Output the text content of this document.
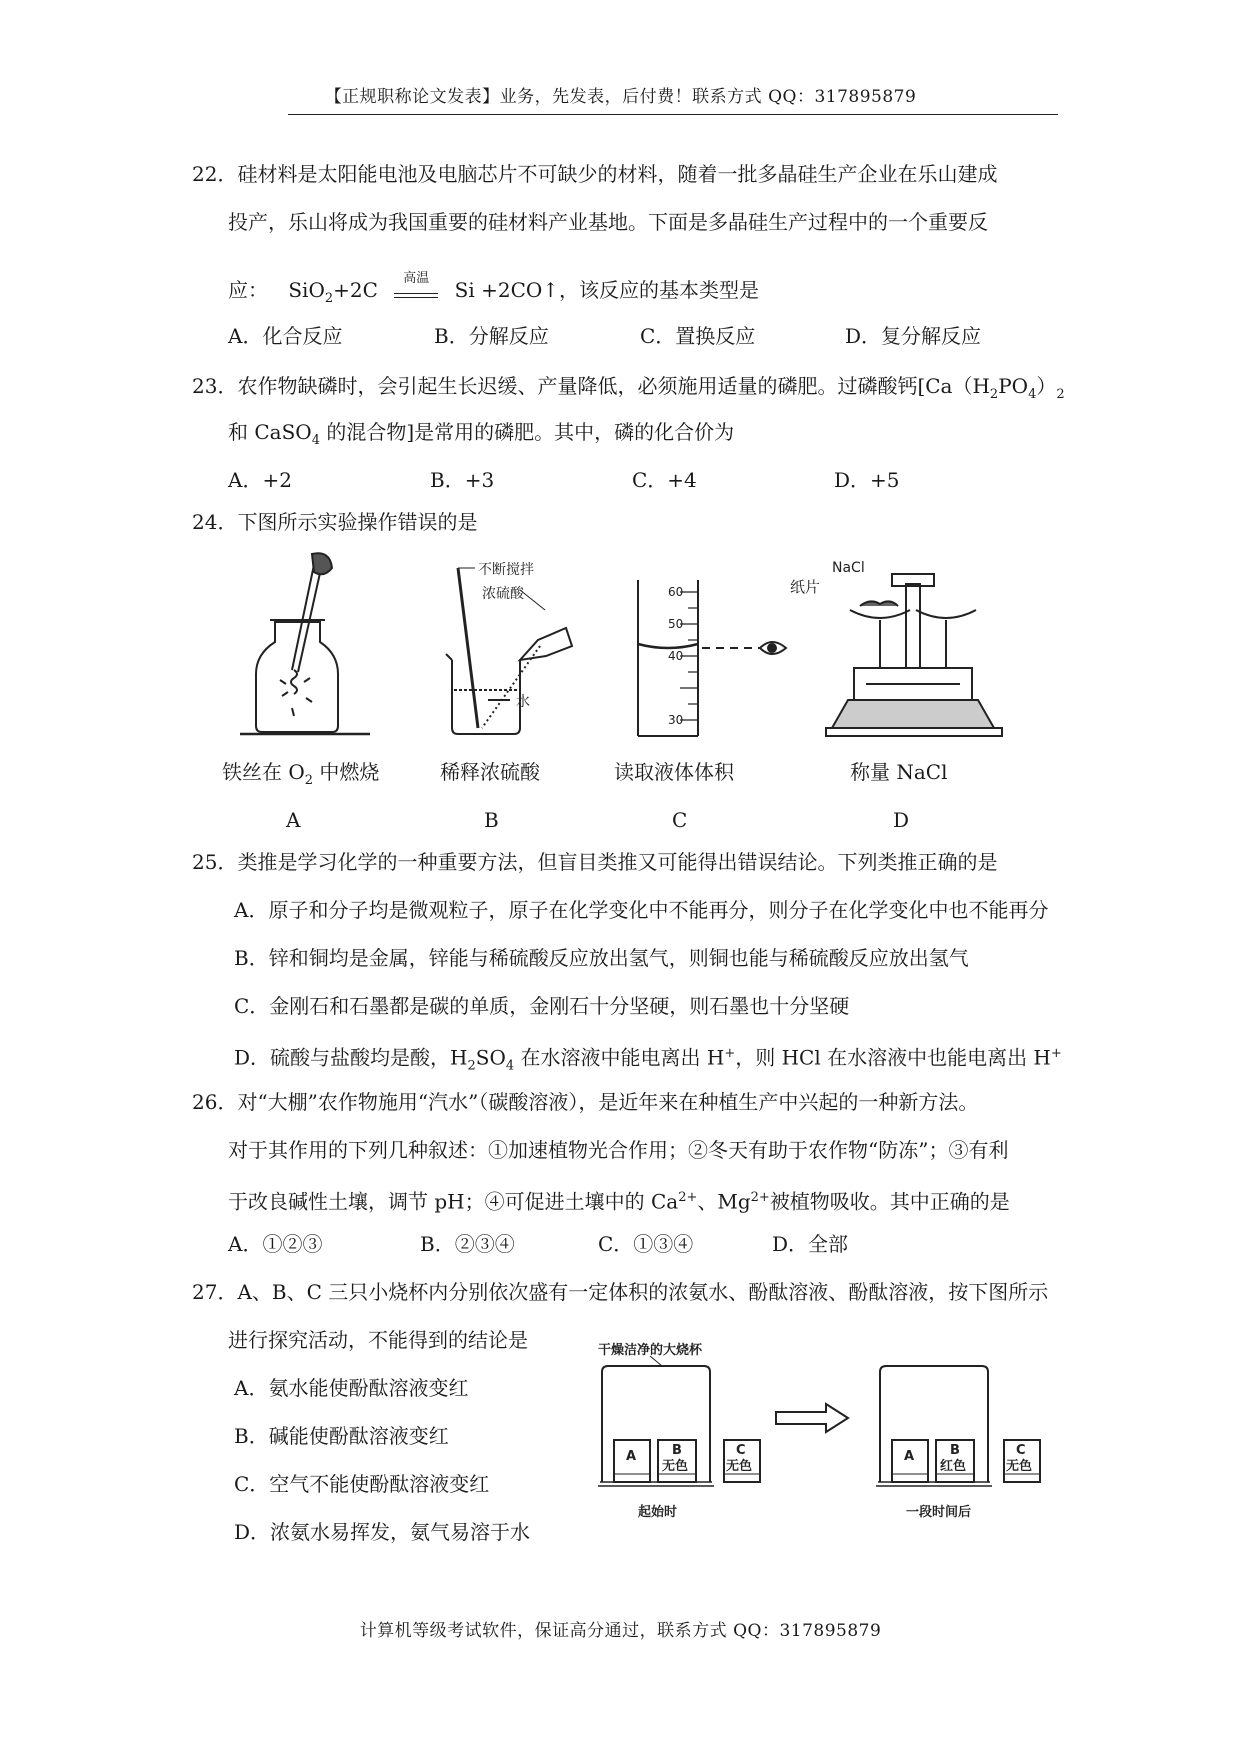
【正规职称论文发表】业务，先发表，后付费！联系方式 QQ：317895879
22．硅材料是太阳能电池及电脑芯片不可缺少的材料，随着一批多晶硅生产企业在乐山建成
投产，乐山将成为我国重要的硅材料产业基地。下面是多晶硅生产过程中的一个重要反
应： SiO$_2$+2C	高温	Si +2CO↑，该反应的基本类型是
A．化合反应	B．分解反应	C．置换反应	D．复分解反应
23．农作物缺磷时，会引起生长迟缓、产量降低，必须施用适量的磷肥。过磷酸钙[$Ca(H_2PO_4)_2$
和 CaSO$_4$ 的混合物]是常用的磷肥。其中，磷的化合价为
A．+2	B．+3	C．+4	D．+5
24．下图所示实验操作错误的是
不断搅拌
浓硫酸
水
60
50
40
30
纸片
NaCl
铁丝在 $O_2$ 中燃烧	稀释浓硫酸	读取液体体积	称量 NaCl
A	B	C	D
25．类推是学习化学的一种重要方法，但盲目类推又可能得出错误结论。下列类推正确的是
A．原子和分子均是微观粒子，原子在化学变化中不能再分，则分子在化学变化中也不能再分
B．锌和铜均是金属，锌能与稀硫酸反应放出氢气，则铜也能与稀硫酸反应放出氢气
C．金刚石和石墨都是碳的单质，金刚石十分坚硬，则石墨也十分坚硬
D．硫酸与盐酸均是酸，$H_2SO_4$ 在水溶液中能电离出 H+，则 HCl 在水溶液中也能电离出 H+
26．对“大棚”农作物施用“汽水”（碳酸溶液），是近年来在种植生产中兴起的一种新方法。
对于其作用的下列几种叙述：①加速植物光合作用；②冬天有助于农作物“防冻”；③有利
于改良碱性土壤，调节 pH；④可促进土壤中的 $Ca^{2+}$、$Mg^{2+}$被植物吸收。其中正确的是
A．①②③	B．②③④	C．①③④	D．全部
27．A、B、C 三只小烧杯内分别依次盛有一定体积的浓氨水、酚酞溶液、酚酞溶液，按下图所示
进行探究活动，不能得到的结论是
A．氨水能使酚酞溶液变红
B．碱能使酚酞溶液变红
C．空气不能使酚酞溶液变红
D．浓氨水易挥发，氨气易溶于水
干燥洁净的大烧杯
A	B
无色
C
无色
A	B
红色
C
无色
起始时	一段时间后
计算机等级考试软件，保证高分通过，联系方式 QQ：317895879
